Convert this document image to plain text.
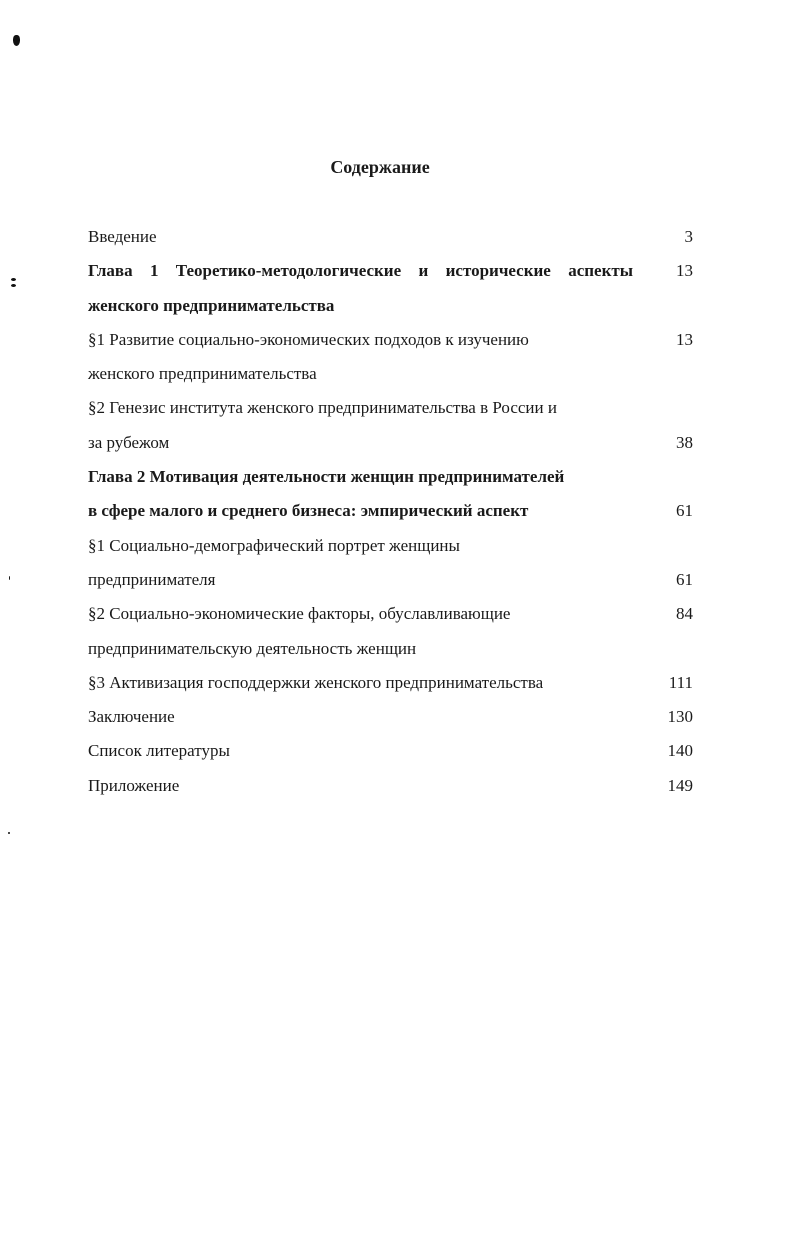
Содержание
Введение	3
Глава 1 Теоретико-методологические и исторические аспекты	13
женского предпринимательства
§1 Развитие социально-экономических подходов к изучению	13
женского предпринимательства
§2 Генезис института женского предпринимательства в России и
за рубежом	38
Глава 2 Мотивация деятельности женщин предпринимателей
в сфере малого и среднего бизнеса: эмпирический аспект	61
§1 Социально-демографический портрет женщины
предпринимателя	61
§2 Социально-экономические факторы, обуславливающие	84
предпринимательскую деятельность женщин
§3 Активизация господдержки женского предпринимательства	111
Заключение	130
Список литературы	140
Приложение	149
